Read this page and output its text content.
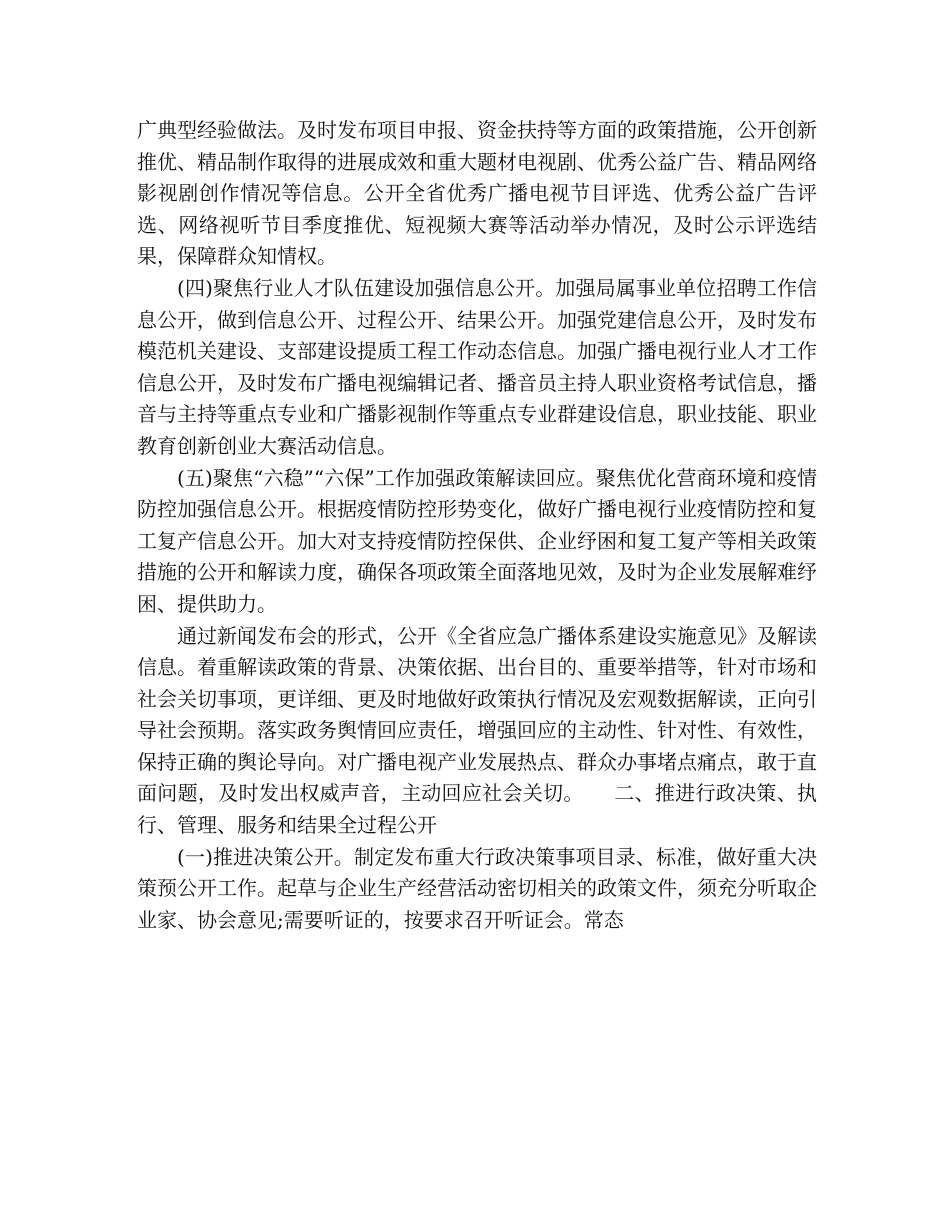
广典型经验做法。及时发布项目申报、资金扶持等方面的政策措施，公开创新推优、精品制作取得的进展成效和重大题材电视剧、优秀公益广告、精品网络影视剧创作情况等信息。公开全省优秀广播电视节目评选、优秀公益广告评选、网络视听节目季度推优、短视频大赛等活动举办情况，及时公示评选结果，保障群众知情权。

(四)聚焦行业人才队伍建设加强信息公开。加强局属事业单位招聘工作信息公开，做到信息公开、过程公开、结果公开。加强党建信息公开，及时发布模范机关建设、支部建设提质工程工作动态信息。加强广播电视行业人才工作信息公开，及时发布广播电视编辑记者、播音员主持人职业资格考试信息，播音与主持等重点专业和广播影视制作等重点专业群建设信息，职业技能、职业教育创新创业大赛活动信息。

(五)聚焦“六稳”“六保”工作加强政策解读回应。聚焦优化营商环境和疫情防控加强信息公开。根据疫情防控形势变化，做好广播电视行业疫情防控和复工复产信息公开。加大对支持疫情防控保供、企业纾困和复工复产等相关政策措施的公开和解读力度，确保各项政策全面落地见效，及时为企业发展解难纾困、提供助力。

通过新闻发布会的形式，公开《全省应急广播体系建设实施意见》及解读信息。着重解读政策的背景、决策依据、出台目的、重要举措等，针对市场和社会关切事项，更详细、更及时地做好政策执行情况及宏观数据解读，正向引导社会预期。落实政务舆情回应责任，增强回应的主动性、针对性、有效性，保持正确的舆论导向。对广播电视产业发展热点、群众办事堵点痛点，敢于直面问题，及时发出权威声音，主动回应社会关切。　　二、推进行政决策、执行、管理、服务和结果全过程公开

(一)推进决策公开。制定发布重大行政决策事项目录、标准，做好重大决策预公开工作。起草与企业生产经营活动密切相关的政策文件，须充分听取企业家、协会意见;需要听证的，按要求召开听证会。常态
